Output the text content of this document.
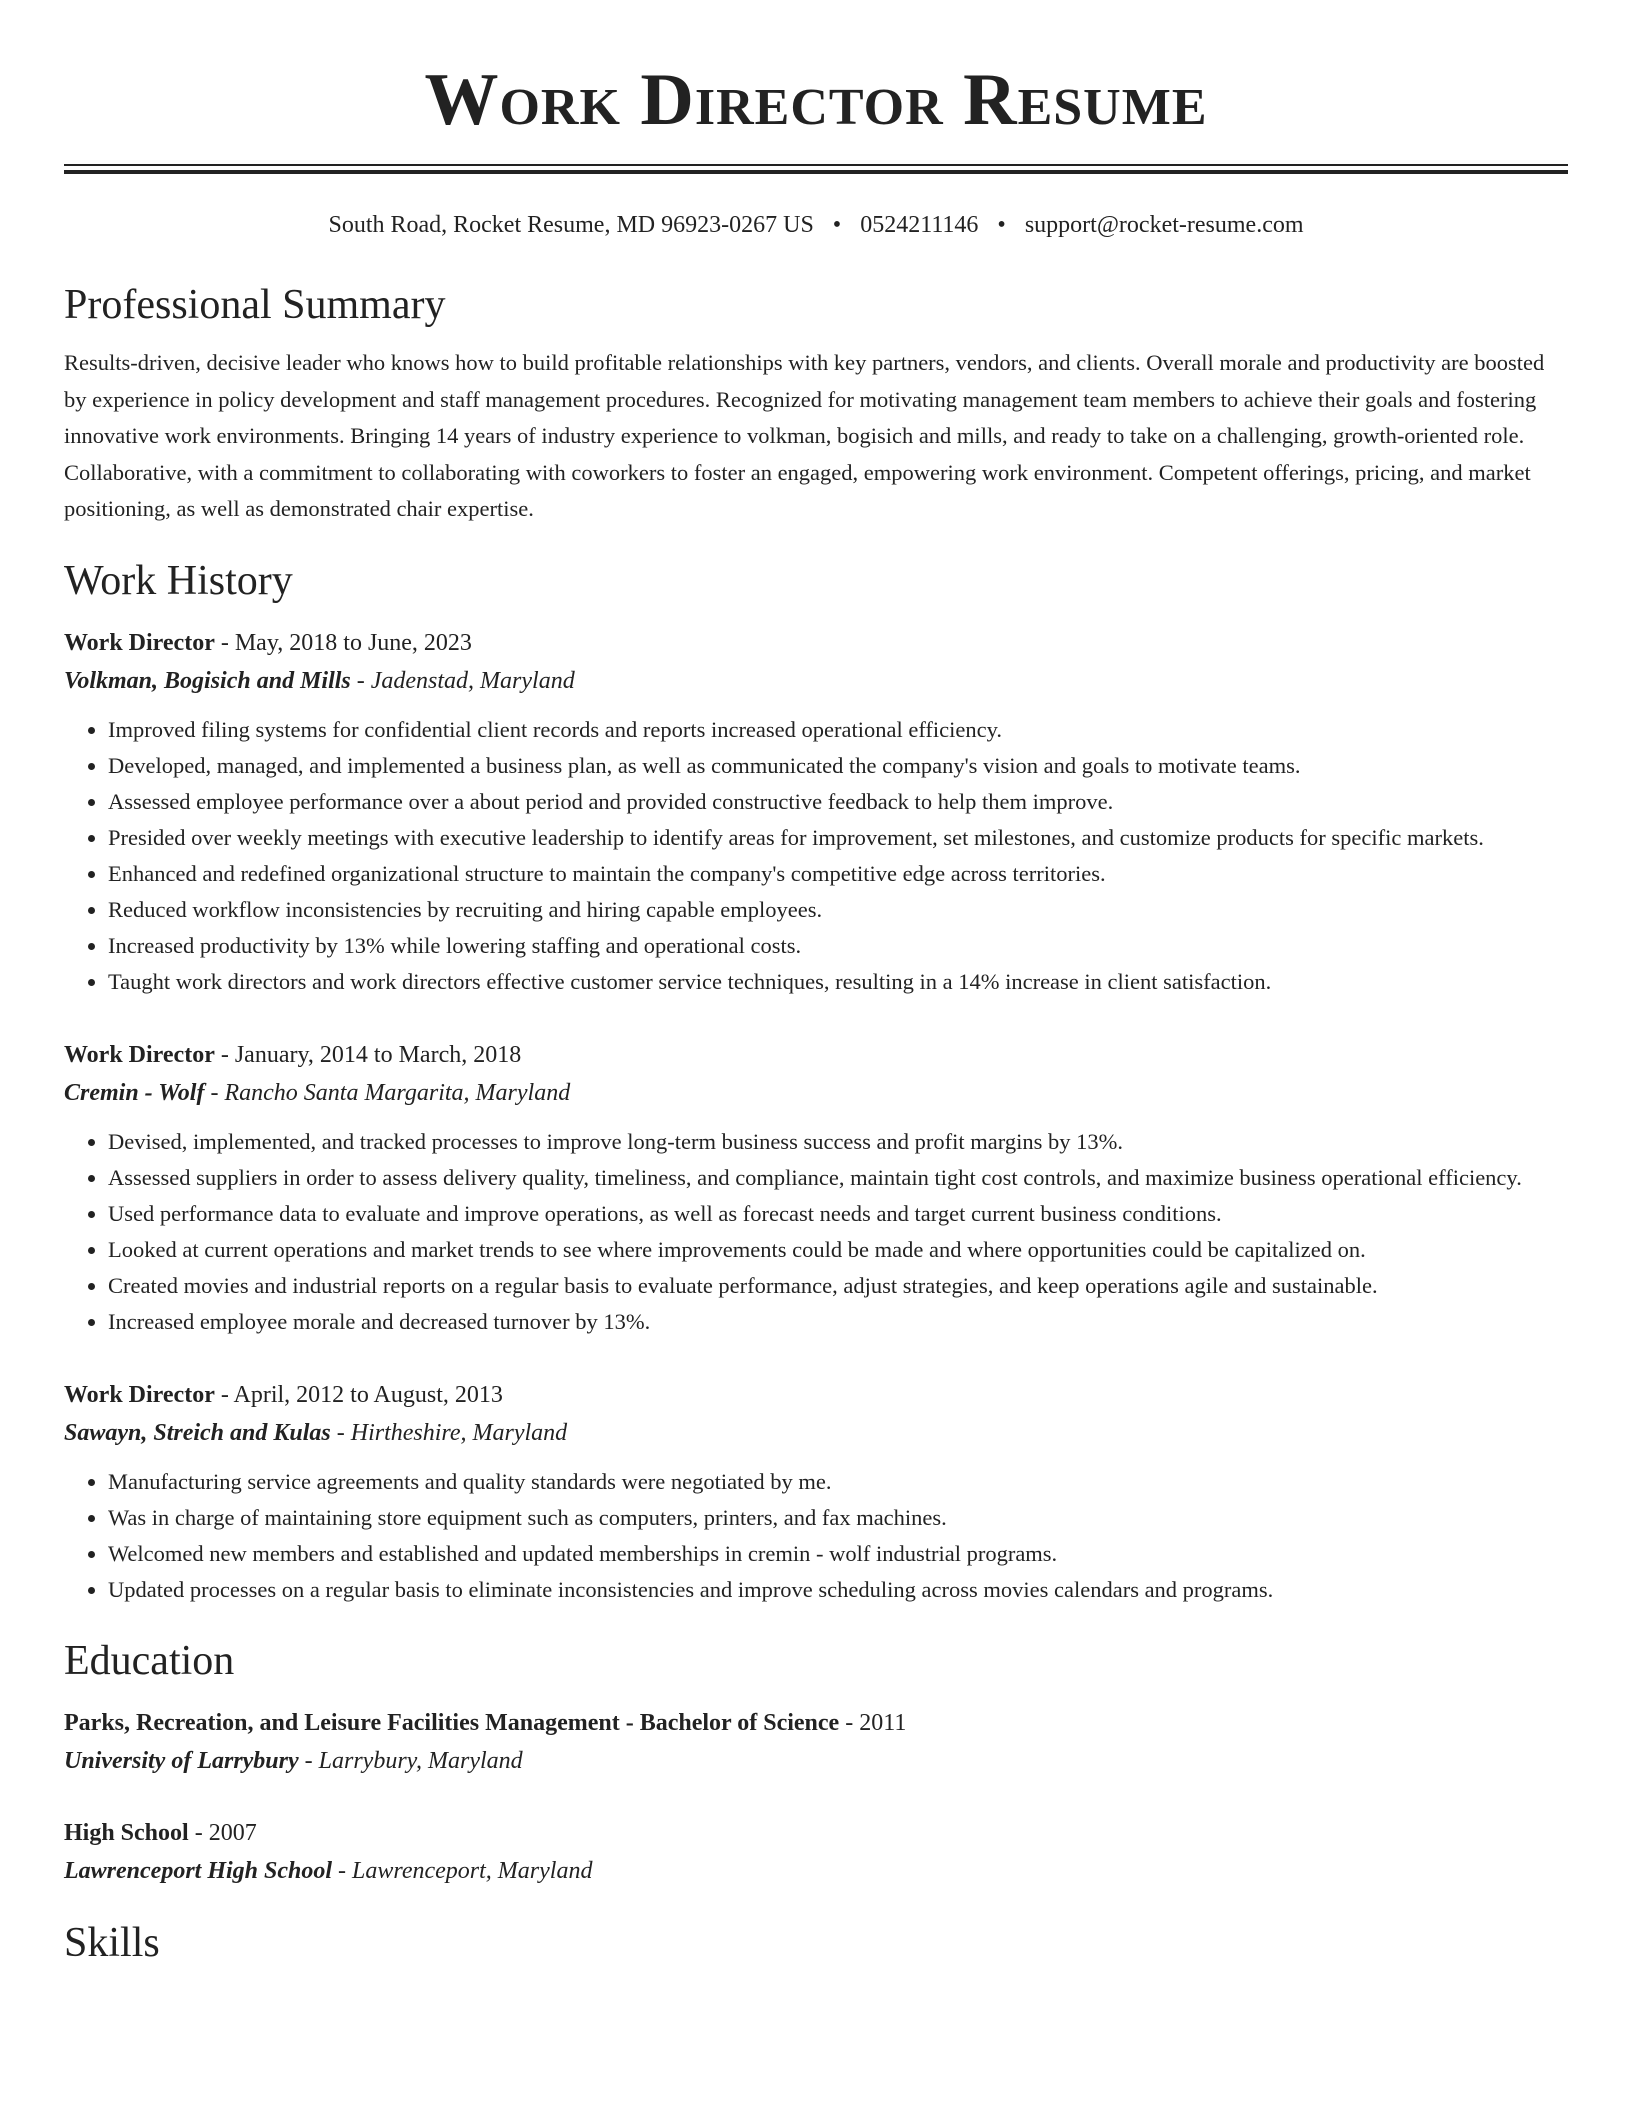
Work Director Resume
South Road, Rocket Resume, MD 96923-0267 US • 0524211146 • support@rocket-resume.com
Professional Summary

Results-driven, decisive leader who knows how to build profitable relationships with key partners, vendors, and clients. Overall morale and productivity are boosted by experience in policy development and staff management procedures. Recognized for motivating management team members to achieve their goals and fostering innovative work environments. Bringing 14 years of industry experience to volkman, bogisich and mills, and ready to take on a challenging, growth-oriented role. Collaborative, with a commitment to collaborating with coworkers to foster an engaged, empowering work environment. Competent offerings, pricing, and market positioning, as well as demonstrated chair expertise.

Work History
Work Director - May, 2018 to June, 2023
Volkman, Bogisich and Mills - Jadenstad, Maryland
• Improved filing systems for confidential client records and reports increased operational efficiency.
• Developed, managed, and implemented a business plan, as well as communicated the company's vision and goals to motivate teams.
• Assessed employee performance over a about period and provided constructive feedback to help them improve.
• Presided over weekly meetings with executive leadership to identify areas for improvement, set milestones, and customize products for specific markets.
• Enhanced and redefined organizational structure to maintain the company's competitive edge across territories.
• Reduced workflow inconsistencies by recruiting and hiring capable employees.
• Increased productivity by 13% while lowering staffing and operational costs.
• Taught work directors and work directors effective customer service techniques, resulting in a 14% increase in client satisfaction.
Work Director - January, 2014 to March, 2018
Cremin - Wolf - Rancho Santa Margarita, Maryland
• Devised, implemented, and tracked processes to improve long-term business success and profit margins by 13%.
• Assessed suppliers in order to assess delivery quality, timeliness, and compliance, maintain tight cost controls, and maximize business operational efficiency.
• Used performance data to evaluate and improve operations, as well as forecast needs and target current business conditions.
• Looked at current operations and market trends to see where improvements could be made and where opportunities could be capitalized on.
• Created movies and industrial reports on a regular basis to evaluate performance, adjust strategies, and keep operations agile and sustainable.
• Increased employee morale and decreased turnover by 13%.
Work Director - April, 2012 to August, 2013
Sawayn, Streich and Kulas - Hirtheshire, Maryland
• Manufacturing service agreements and quality standards were negotiated by me.
• Was in charge of maintaining store equipment such as computers, printers, and fax machines.
• Welcomed new members and established and updated memberships in cremin - wolf industrial programs.
• Updated processes on a regular basis to eliminate inconsistencies and improve scheduling across movies calendars and programs.
Education
Parks, Recreation, and Leisure Facilities Management - Bachelor of Science - 2011
University of Larrybury - Larrybury, Maryland
High School - 2007
Lawrenceport High School - Lawrenceport, Maryland
Skills
